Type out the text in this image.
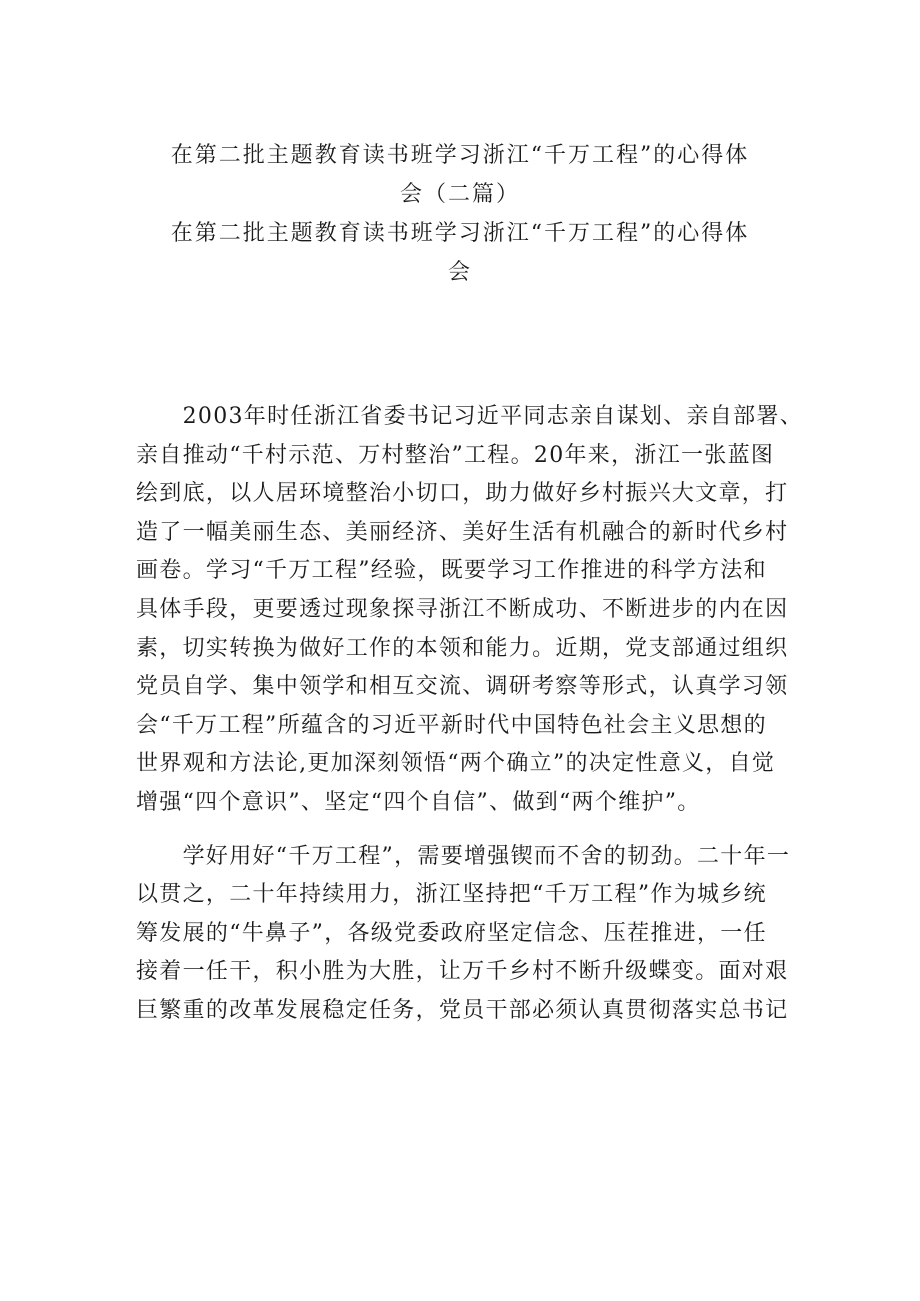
在第二批主题教育读书班学习浙江“千万工程”的心得体
会（二篇）
在第二批主题教育读书班学习浙江“千万工程”的心得体
会

　　2003年时任浙江省委书记习近平同志亲自谋划、亲自部署、

亲自推动“千村示范、万村整治”工程。20年来，浙江一张蓝图

绘到底，以人居环境整治小切口，助力做好乡村振兴大文章，打

造了一幅美丽生态、美丽经济、美好生活有机融合的新时代乡村

画卷。学习“千万工程”经验，既要学习工作推进的科学方法和

具体手段，更要透过现象探寻浙江不断成功、不断进步的内在因

素，切实转换为做好工作的本领和能力。近期，党支部通过组织

党员自学、集中领学和相互交流、调研考察等形式，认真学习领

会“千万工程”所蕴含的习近平新时代中国特色社会主义思想的

世界观和方法论,更加深刻领悟“两个确立”的决定性意义，自觉

增强“四个意识”、坚定“四个自信”、做到“两个维护”。

　　学好用好“千万工程”，需要增强锲而不舍的韧劲。二十年一

以贯之，二十年持续用力，浙江坚持把“千万工程”作为城乡统

筹发展的“牛鼻子”，各级党委政府坚定信念、压茬推进，一任

接着一任干，积小胜为大胜，让万千乡村不断升级蝶变。面对艰

巨繁重的改革发展稳定任务，党员干部必须认真贯彻落实总书记
